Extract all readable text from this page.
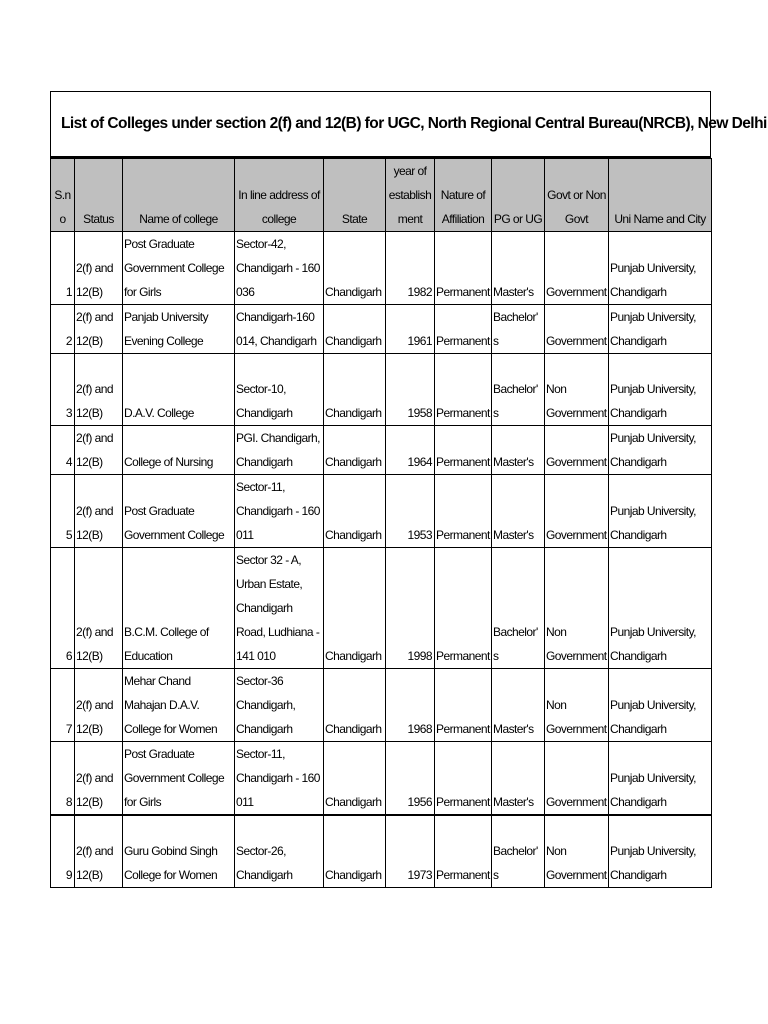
List of Colleges under section 2(f) and 12(B) for UGC, North Regional Central Bureau(NRCB), New Delhi
S.no	Status	Name of college	In line address of college	State	year of establish ment	Nature of Affiliation	PG or UG	Govt or Non Govt	Uni Name and City
1	2(f) and 12(B)	Post Graduate Government College for Girls	Sector-42, Chandigarh - 160 036	Chandigarh	1982	Permanent	Master's	Government	Punjab University, Chandigarh
2	2(f) and 12(B)	Panjab University Evening College	Chandigarh-160 014, Chandigarh	Chandigarh	1961	Permanent	Bachelor's	Government	Punjab University, Chandigarh
3	2(f) and 12(B)	D.A.V. College	Sector-10, Chandigarh	Chandigarh	1958	Permanent	Bachelor's	Non Government	Punjab University, Chandigarh
4	2(f) and 12(B)	College of Nursing	PGI. Chandigarh, Chandigarh	Chandigarh	1964	Permanent	Master's	Government	Punjab University, Chandigarh
5	2(f) and 12(B)	Post Graduate Government College	Sector-11, Chandigarh - 160 011	Chandigarh	1953	Permanent	Master's	Government	Punjab University, Chandigarh
6	2(f) and 12(B)	B.C.M. College of Education	Sector 32 - A, Urban Estate, Chandigarh Road, Ludhiana - 141 010	Chandigarh	1998	Permanent	Bachelor's	Non Government	Punjab University, Chandigarh
7	2(f) and 12(B)	Mehar Chand Mahajan D.A.V. College for Women	Sector-36 Chandigarh, Chandigarh	Chandigarh	1968	Permanent	Master's	Non Government	Punjab University, Chandigarh
8	2(f) and 12(B)	Post Graduate Government College for Girls	Sector-11, Chandigarh - 160 011	Chandigarh	1956	Permanent	Master's	Government	Punjab University, Chandigarh
9	2(f) and 12(B)	Guru Gobind Singh College for Women	Sector-26, Chandigarh	Chandigarh	1973	Permanent	Bachelor's	Non Government	Punjab University, Chandigarh
